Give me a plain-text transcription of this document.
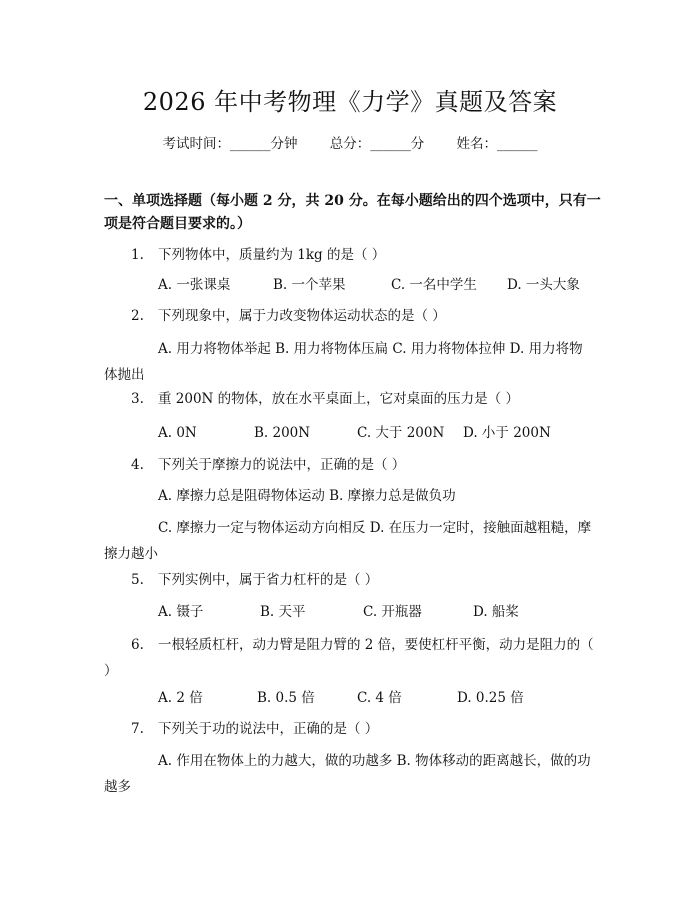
2026 年中考物理《力学》真题及答案
考试时间：______分钟 总分：______分 姓名：______
一、单项选择题（每小题 2 分，共 20 分。在每小题给出的四个选项中，只有一项是符合题目要求的。）
1. 下列物体中，质量约为 1kg 的是（ ）
A. 一张课桌	B. 一个苹果	C. 一名中学生 D. 一头大象
2. 下列现象中，属于力改变物体运动状态的是（ ）
A. 用力将物体举起 B. 用力将物体压扁 C. 用力将物体拉伸 D. 用力将物体抛出
3. 重 200N 的物体，放在水平桌面上，它对桌面的压力是（ ）
A. 0N	B. 200N	C. 大于 200N D. 小于 200N
4. 下列关于摩擦力的说法中，正确的是（ ）
A. 摩擦力总是阻碍物体运动 B. 摩擦力总是做负功
C. 摩擦力一定与物体运动方向相反 D. 在压力一定时，接触面越粗糙，摩擦力越小
5. 下列实例中，属于省力杠杆的是（ ）
A. 镊子	B. 天平	C. 开瓶器	D. 船桨
6. 一根轻质杠杆，动力臂是阻力臂的 2 倍，要使杠杆平衡，动力是阻力的（ ）
A. 2 倍	B. 0.5 倍	C. 4 倍	D. 0.25 倍
7. 下列关于功的说法中，正确的是（ ）
A. 作用在物体上的力越大，做的功越多 B. 物体移动的距离越长，做的功越多
